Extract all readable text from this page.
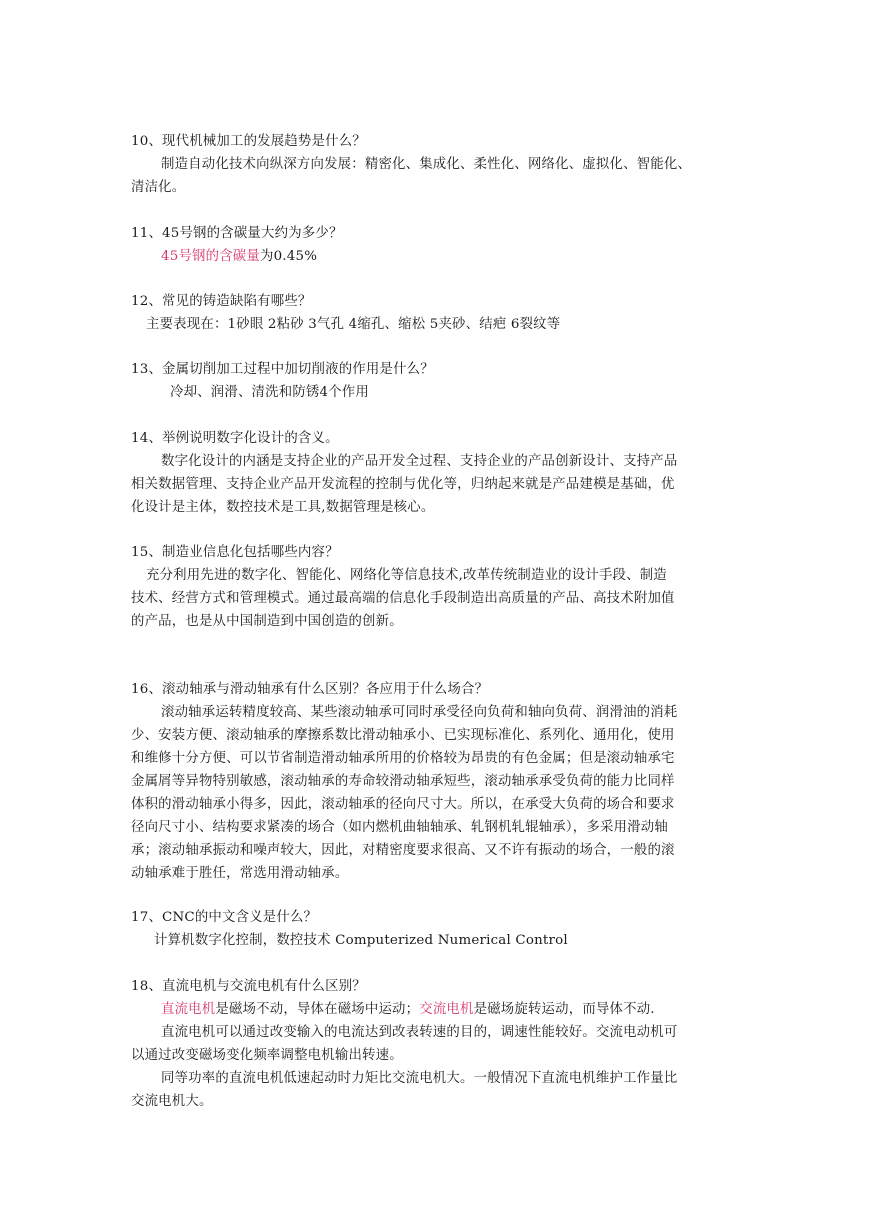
10、现代机械加工的发展趋势是什么？
制造自动化技术向纵深方向发展：精密化、集成化、柔性化、网络化、虚拟化、智能化、
清洁化。
11、45号钢的含碳量大约为多少？
45号钢的含碳量为0.45%
12、常见的铸造缺陷有哪些？
主要表现在：1砂眼 2粘砂 3气孔 4缩孔、缩松 5夹砂、结疤 6裂纹等
13、金属切削加工过程中加切削液的作用是什么？
冷却、润滑、清洗和防锈4个作用
14、举例说明数字化设计的含义。
数字化设计的内涵是支持企业的产品开发全过程、支持企业的产品创新设计、支持产品
相关数据管理、支持企业产品开发流程的控制与优化等，归纳起来就是产品建模是基础，优
化设计是主体，数控技术是工具,数据管理是核心。
15、制造业信息化包括哪些内容？
充分利用先进的数字化、智能化、网络化等信息技术,改革传统制造业的设计手段、制造
技术、经营方式和管理模式。通过最高端的信息化手段制造出高质量的产品、高技术附加值
的产品，也是从中国制造到中国创造的创新。
16、滚动轴承与滑动轴承有什么区别？各应用于什么场合？
滚动轴承运转精度较高、某些滚动轴承可同时承受径向负荷和轴向负荷、润滑油的消耗
少、安装方便、滚动轴承的摩擦系数比滑动轴承小、已实现标准化、系列化、通用化，使用
和维修十分方便、可以节省制造滑动轴承所用的价格较为昂贵的有色金属；但是滚动轴承宅
金属屑等异物特别敏感，滚动轴承的寿命较滑动轴承短些，滚动轴承承受负荷的能力比同样
体积的滑动轴承小得多，因此，滚动轴承的径向尺寸大。所以，在承受大负荷的场合和要求
径向尺寸小、结构要求紧凑的场合（如内燃机曲轴轴承、轧钢机轧辊轴承），多采用滑动轴
承；滚动轴承振动和噪声较大，因此，对精密度要求很高、又不许有振动的场合，一般的滚
动轴承难于胜任，常选用滑动轴承。
17、CNC的中文含义是什么？
计算机数字化控制，数控技术 Computerized Numerical Control
18、直流电机与交流电机有什么区别？
直流电机是磁场不动，导体在磁场中运动；交流电机是磁场旋转运动，而导体不动.
直流电机可以通过改变输入的电流达到改表转速的目的，调速性能较好。交流电动机可
以通过改变磁场变化频率调整电机输出转速。
同等功率的直流电机低速起动时力矩比交流电机大。一般情况下直流电机维护工作量比
交流电机大。
